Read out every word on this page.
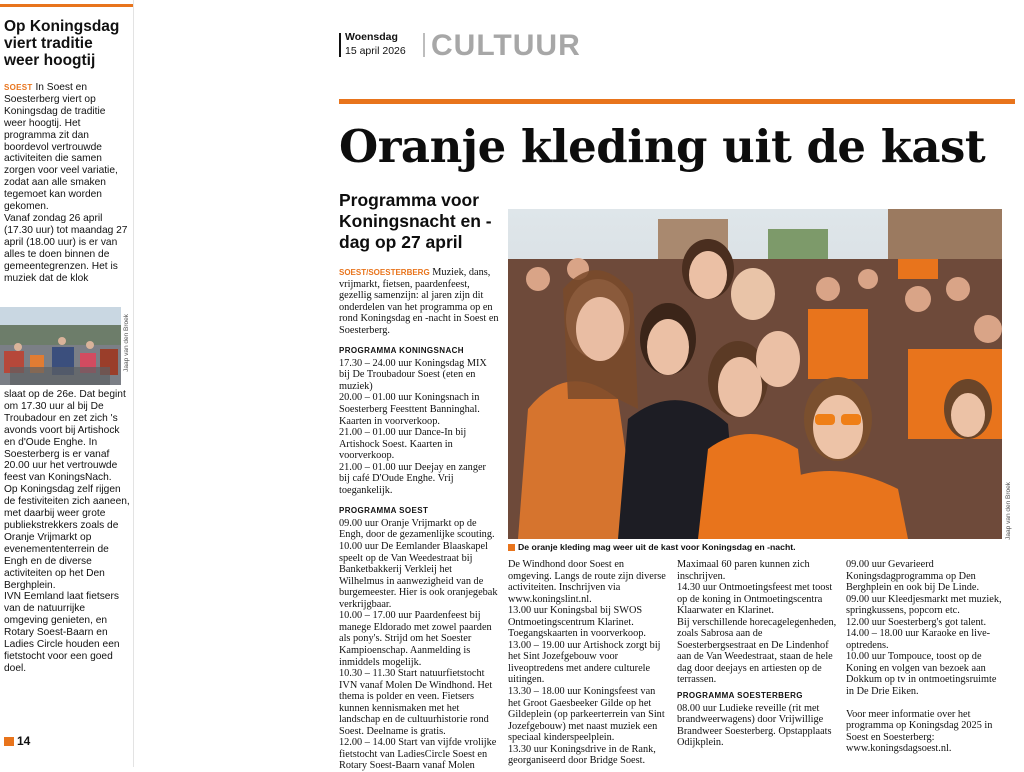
Op Koningsdag viert traditie weer hoogtij

SOEST In Soest en Soesterberg viert op Koningsdag de traditie weer hoogtij. Het programma zit dan boordevol vertrouwde activiteiten die samen zorgen voor veel variatie, zodat aan alle smaken tegemoet kan worden gekomen.

Vanaf zondag 26 april (17.30 uur) tot maandag 27 april (18.00 uur) is er van alles te doen binnen de gemeentegrenzen. Het is muziek dat de klok

Jaap van den Broek

slaat op de 26e. Dat begint om 17.30 uur al bij De Troubadour en zet zich 's avonds voort bij Artishock en d'Oude Enghe. In Soesterberg is er vanaf 20.00 uur het vertrouwde feest van KoningsNach.

Op Koningsdag zelf rijgen de festiviteiten zich aaneen, met daarbij weer grote publiekstrekkers zoals de Oranje Vrijmarkt op evenemententerrein de Engh en de diverse activiteiten op het Den Berghplein.

IVN Eemland laat fietsers van de natuurrijke omgeving genieten, en Rotary Soest-Baarn en Ladies Circle houden een fietstocht voor een goed doel.

14
Woensdag
15 april 2026 CULTUUR
Oranje kleding uit de kast
Programma voor Koningsnacht en -dag op 27 april

SOEST/SOESTERBERG Muziek, dans, vrijmarkt, fietsen, paardenfeest, gezellig samenzijn: al jaren zijn dit onderdelen van het programma op en rond Koningsdag en -nacht in Soest en Soesterberg.

PROGRAMMA KONINGSNACH

17.30 – 24.00 uur Koningsdag MIX bij De Troubadour Soest (eten en muziek)

20.00 – 01.00 uur Koningsnach in Soesterberg Feesttent Banninghal. Kaarten in voorverkoop.

21.00 – 01.00 uur Dance-In bij Artishock Soest. Kaarten in voorverkoop.

21.00 – 01.00 uur Deejay en zanger bij café D'Oude Enghe. Vrij toegankelijk.

PROGRAMMA SOEST

09.00 uur Oranje Vrijmarkt op de Engh, door de gezamenlijke scouting.

10.00 uur De Eemlander Blaaskapel speelt op de Van Weedestraat bij Banketbakkerij Verkleij het Wilhelmus in aanwezigheid van de burgemeester. Hier is ook oranjegebak verkrijgbaar.

10.00 – 17.00 uur Paardenfeest bij manege Eldorado met zowel paarden als pony's. Strijd om het Soester Kampioenschap. Aanmelding is inmiddels mogelijk.

10.30 – 11.30 Start natuurfietstocht IVN vanaf Molen De Windhond. Het thema is polder en veen. Fietsers kunnen kennismaken met het landschap en de cultuurhistorie rond Soest. Deelname is gratis.

12.00 – 14.00 Start van vijfde vrolijke fietstocht van LadiesCircle Soest en Rotary Soest-Baarn vanaf Molen

Jaap van den Broek
De oranje kleding mag weer uit de kast voor Koningsdag en -nacht.

De Windhond door Soest en omgeving. Langs de route zijn diverse activiteiten. Inschrijven via www.koningslint.nl.

13.00 uur Koningsbal bij SWOS Ontmoetingscentrum Klarinet. Toegangskaarten in voorverkoop.

13.00 – 19.00 uur Artishock zorgt bij het Sint Jozefgebouw voor liveoptredens met andere culturele uitingen.

13.30 – 18.00 uur Koningsfeest van het Groot Gaesbeeker Gilde op het Gildeplein (op parkeerterrein van Sint Jozefgebouw) met naast muziek een speciaal kinderspeelplein.

13.30 uur Koningsdrive in de Rank, georganiseerd door Bridge Soest.

Maximaal 60 paren kunnen zich inschrijven.

14.30 uur Ontmoetingsfeest met toost op de koning in Ontmoetingscentra Klaarwater en Klarinet.

Bij verschillende horecagelegenheden, zoals Sabrosa aan de Soesterbergsestraat en De Lindenhof aan de Van Weedestraat, staan de hele dag door deejays en artiesten op de terrassen.

PROGRAMMA SOESTERBERG

08.00 uur Ludieke reveille (rit met brandweerwagens) door Vrijwillige Brandweer Soesterberg. Opstapplaats Odijkplein.

09.00 uur Gevarieerd Koningsdagprogramma op Den Berghplein en ook bij De Linde.

09.00 uur Kleedjesmarkt met muziek, springkussens, popcorn etc.

12.00 uur Soesterberg's got talent.

14.00 – 18.00 uur Karaoke en live-optredens.

10.00 uur Tompouce, toost op de Koning en volgen van bezoek aan Dokkum op tv in ontmoetingsruimte in De Drie Eiken.

Voor meer informatie over het programma op Koningsdag 2025 in Soest en Soesterberg: www.koningsdagsoest.nl.
